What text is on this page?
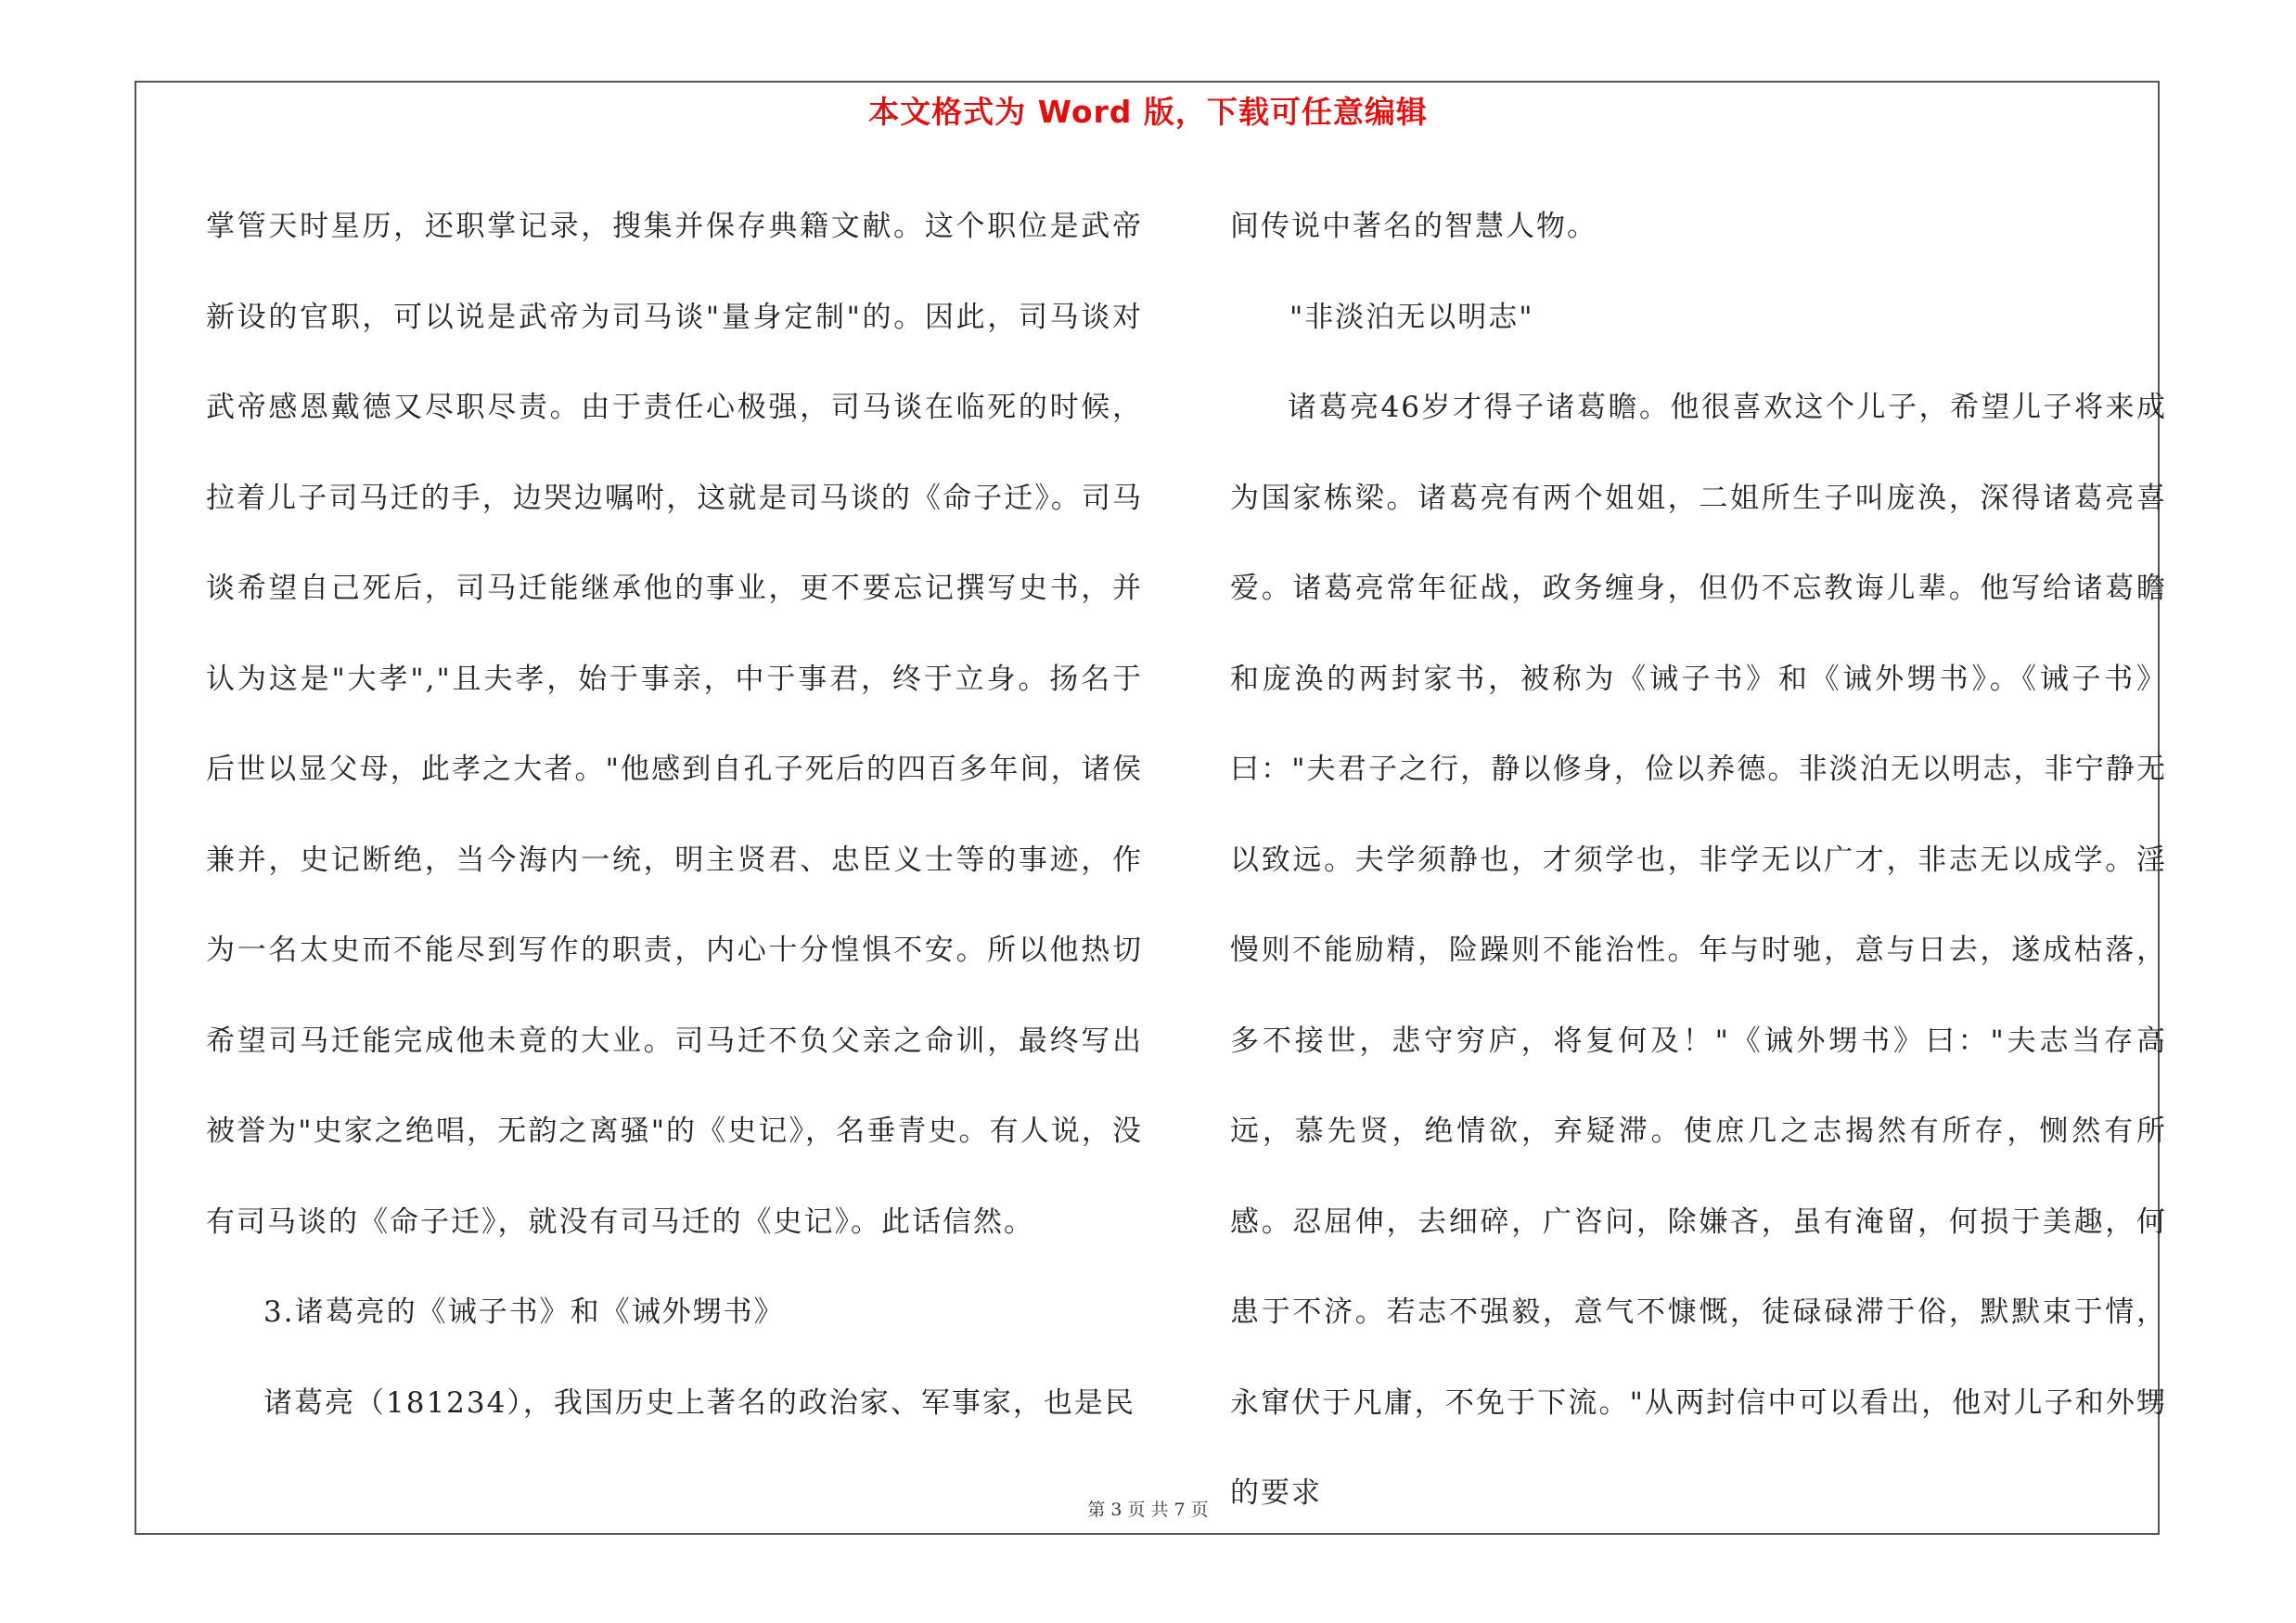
本文格式为 Word 版，下载可任意编辑

掌管天时星历，还职掌记录，搜集并保存典籍文献。这个职位是武帝新设的官职，可以说是武帝为司马谈"量身定制"的。因此，司马谈对武帝感恩戴德又尽职尽责。由于责任心极强，司马谈在临死的时候，拉着儿子司马迁的手，边哭边嘱咐，这就是司马谈的《命子迁》。司马谈希望自己死后，司马迁能继承他的事业，更不要忘记撰写史书，并认为这是"大孝","且夫孝，始于事亲，中于事君，终于立身。扬名于后世以显父母，此孝之大者。"他感到自孔子死后的四百多年间，诸侯兼并，史记断绝，当今海内一统，明主贤君、忠臣义士等的事迹，作为一名太史而不能尽到写作的职责，内心十分惶惧不安。所以他热切希望司马迁能完成他未竟的大业。司马迁不负父亲之命训，最终写出被誉为"史家之绝唱，无韵之离骚"的《史记》，名垂青史。有人说，没有司马谈的《命子迁》，就没有司马迁的《史记》。此话信然。

3.诸葛亮的《诫子书》和《诫外甥书》

诸葛亮（181234），我国历史上著名的政治家、军事家，也是民

间传说中著名的智慧人物。

"非淡泊无以明志"

诸葛亮46岁才得子诸葛瞻。他很喜欢这个儿子，希望儿子将来成为国家栋梁。诸葛亮有两个姐姐，二姐所生子叫庞涣，深得诸葛亮喜爱。诸葛亮常年征战，政务缠身，但仍不忘教诲儿辈。他写给诸葛瞻和庞涣的两封家书，被称为《诫子书》和《诫外甥书》。《诫子书》曰："夫君子之行，静以修身，俭以养德。非淡泊无以明志，非宁静无以致远。夫学须静也，才须学也，非学无以广才，非志无以成学。淫慢则不能励精，险躁则不能治性。年与时驰，意与日去，遂成枯落，多不接世，悲守穷庐，将复何及！"《诫外甥书》曰："夫志当存高远，慕先贤，绝情欲，弃疑滞。使庶几之志揭然有所存，恻然有所感。忍屈伸，去细碎，广咨问，除嫌吝，虽有淹留，何损于美趣，何患于不济。若志不强毅，意气不慷慨，徒碌碌滞于俗，默默束于情，永窜伏于凡庸，不免于下流。"从两封信中可以看出，他对儿子和外甥的要求

第 3 页 共 7 页
